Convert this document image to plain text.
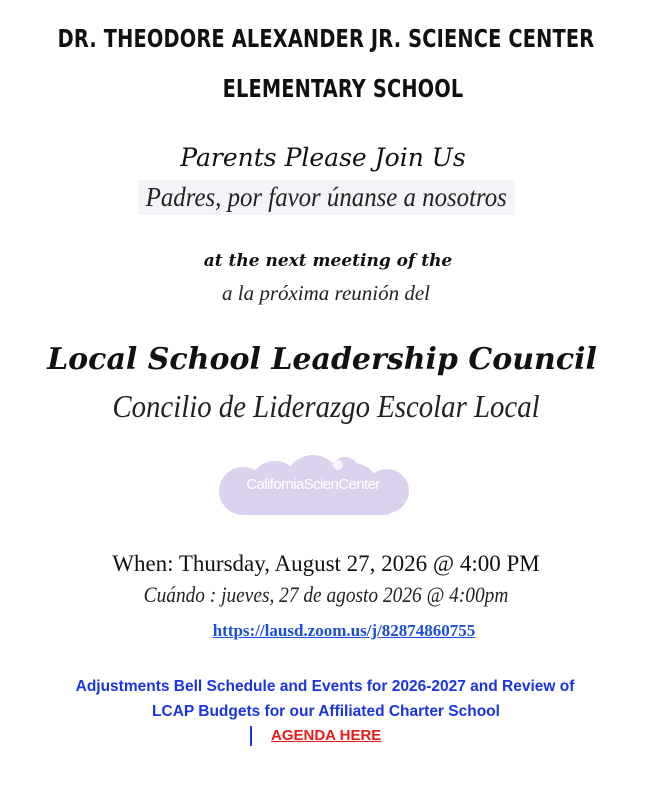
DR. THEODORE ALEXANDER JR. SCIENCE CENTER
ELEMENTARY SCHOOL
Parents Please Join Us
Padres, por favor únanse a nosotros
at the next meeting of the
a la próxima reunión del
Local School Leadership Council
Concilio de Liderazgo Escolar Local
CaliforniaScienCenter
When: Thursday, August 27, 2026 @ 4:00 PM
Cuándo : jueves, 27 de agosto 2026 @ 4:00pm
https://lausd.zoom.us/j/82874860755
Adjustments Bell Schedule and Events for 2026-2027 and Review of
LCAP Budgets for our Affiliated Charter School
AGENDA HERE
